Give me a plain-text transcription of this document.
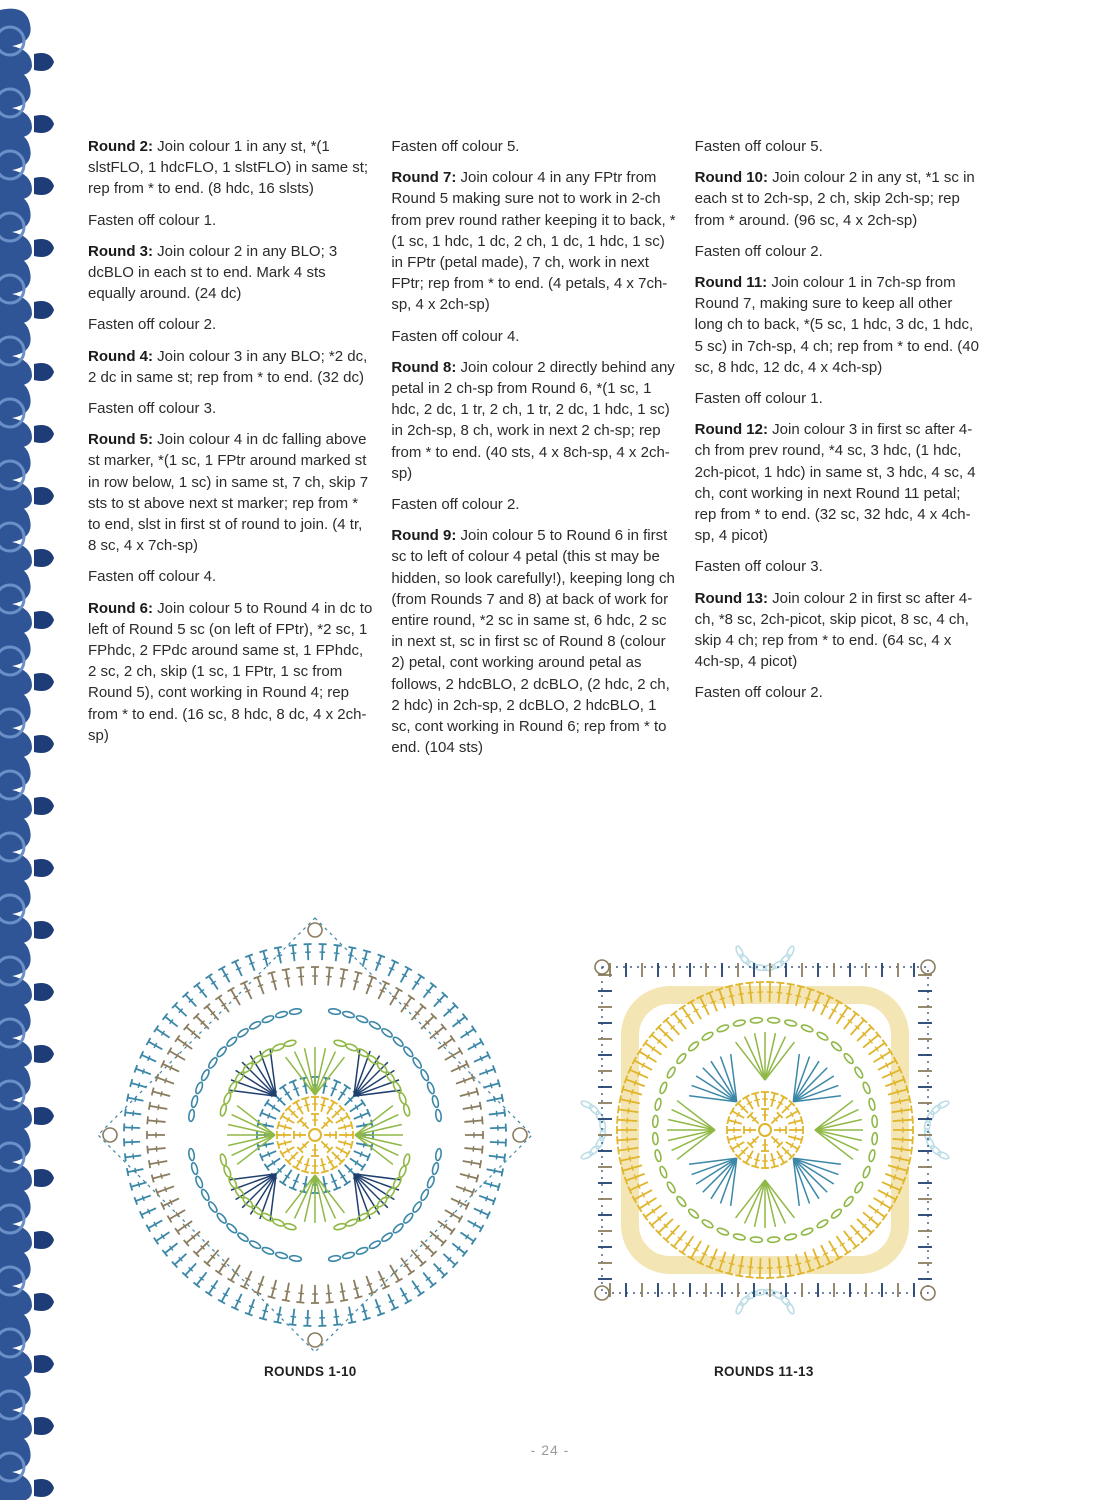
Round 2: Join colour 1 in any st, *(1 slstFLO, 1 hdcFLO, 1 slstFLO) in same st; rep from * to end. (8 hdc, 16 slsts)

Fasten off colour 1.

Round 3: Join colour 2 in any BLO; 3 dcBLO in each st to end. Mark 4 sts equally around. (24 dc)

Fasten off colour 2.

Round 4: Join colour 3 in any BLO; *2 dc, 2 dc in same st; rep from * to end. (32 dc)

Fasten off colour 3.

Round 5: Join colour 4 in dc falling above st marker, *(1 sc, 1 FPtr around marked st in row below, 1 sc) in same st, 7 ch, skip 7 sts to st above next st marker; rep from * to end, slst in first st of round to join. (4 tr, 8 sc, 4 x 7ch-sp)

Fasten off colour 4.

Round 6: Join colour 5 to Round 4 in dc to left of Round 5 sc (on left of FPtr), *2 sc, 1 FPhdc, 2 FPdc around same st, 1 FPhdc, 2 sc, 2 ch, skip (1 sc, 1 FPtr, 1 sc from Round 5), cont working in Round 4; rep from * to end. (16 sc, 8 hdc, 8 dc, 4 x 2ch-sp)

Fasten off colour 5.

Round 7: Join colour 4 in any FPtr from Round 5 making sure not to work in 2-ch from prev round rather keeping it to back, *(1 sc, 1 hdc, 1 dc, 2 ch, 1 dc, 1 hdc, 1 sc) in FPtr (petal made), 7 ch, work in next FPtr; rep from * to end. (4 petals, 4 x 7ch-sp, 4 x 2ch-sp)

Fasten off colour 4.

Round 8: Join colour 2 directly behind any petal in 2 ch-sp from Round 6, *(1 sc, 1 hdc, 2 dc, 1 tr, 2 ch, 1 tr, 2 dc, 1 hdc, 1 sc) in 2ch-sp, 8 ch, work in next 2 ch-sp; rep from * to end. (40 sts, 4 x 8ch-sp, 4 x 2ch-sp)

Fasten off colour 2.

Round 9: Join colour 5 to Round 6 in first sc to left of colour 4 petal (this st may be hidden, so look carefully!), keeping long ch (from Rounds 7 and 8) at back of work for entire round, *2 sc in same st, 6 hdc, 2 sc in next st, sc in first sc of Round 8 (colour 2) petal, cont working around petal as follows, 2 hdcBLO, 2 dcBLO, (2 hdc, 2 ch, 2 hdc) in 2ch-sp, 2 dcBLO, 2 hdcBLO, 1 sc, cont working in Round 6; rep from * to end. (104 sts)

Fasten off colour 5.

Round 10: Join colour 2 in any st, *1 sc in each st to 2ch-sp, 2 ch, skip 2ch-sp; rep from * around. (96 sc, 4 x 2ch-sp)

Fasten off colour 2.

Round 11: Join colour 1 in 7ch-sp from Round 7, making sure to keep all other long ch to back, *(5 sc, 1 hdc, 3 dc, 1 hdc, 5 sc) in 7ch-sp, 4 ch; rep from * to end. (40 sc, 8 hdc, 12 dc, 4 x 4ch-sp)

Fasten off colour 1.

Round 12: Join colour 3 in first sc after 4-ch from prev round, *4 sc, 3 hdc, (1 hdc, 2ch-picot, 1 hdc) in same st, 3 hdc, 4 sc, 4 ch, cont working in next Round 11 petal; rep from * to end. (32 sc, 32 hdc, 4 x 4ch-sp, 4 picot)

Fasten off colour 3.

Round 13: Join colour 2 in first sc after 4-ch, *8 sc, 2ch-picot, skip picot, 8 sc, 4 ch, skip 4 ch; rep from * to end. (64 sc, 4 x 4ch-sp, 4 picot)

Fasten off colour 2.

ROUNDS 1-10	ROUNDS 11-13
- 24 -
